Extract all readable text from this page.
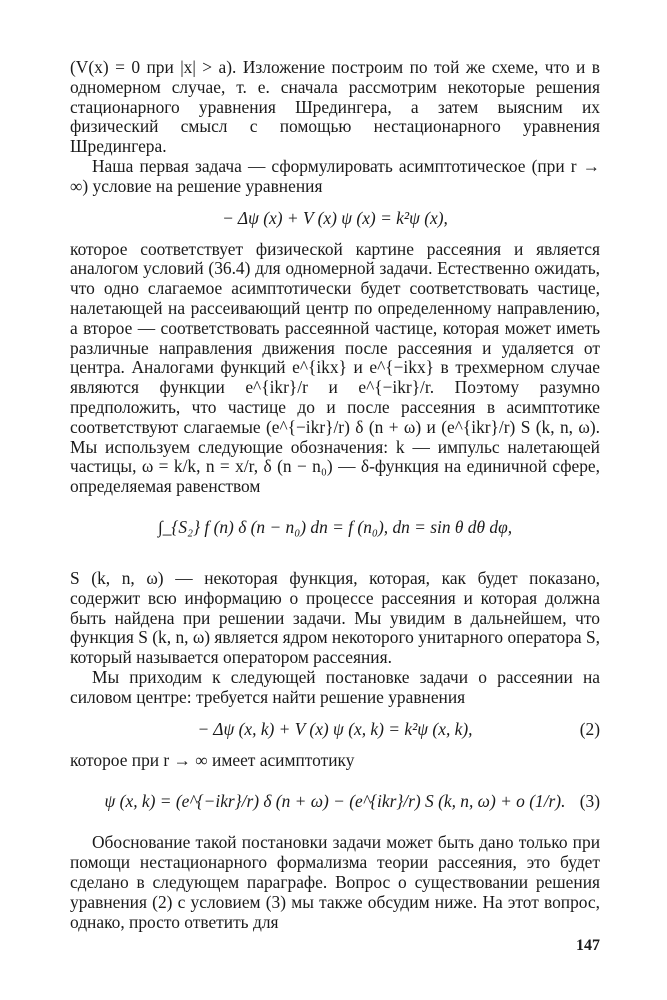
(V(x) = 0 при |x| > a). Изложение построим по той же схеме, что и в одномерном случае, т. е. сначала рассмотрим некоторые решения стационарного уравнения Шредингера, а затем выясним их физический смысл с помощью нестационарного уравнения Шредингера.

Наша первая задача — сформулировать асимптотическое (при r → ∞) условие на решение уравнения

− Δψ (x) + V (x) ψ (x) = k²ψ (x),

которое соответствует физической картине рассеяния и является аналогом условий (36.4) для одномерной задачи. Естественно ожидать, что одно слагаемое асимптотически будет соответствовать частице, налетающей на рассеивающий центр по определенному направлению, а второе — соответствовать рассеянной частице, которая может иметь различные направления движения после рассеяния и удаляется от центра. Аналогами функций e^{ikx} и e^{−ikx} в трехмерном случае являются функции e^{ikr}/r и e^{−ikr}/r. Поэтому разумно предположить, что частице до и после рассеяния в асимптотике соответствуют слагаемые (e^{−ikr}/r) δ (n + ω) и (e^{ikr}/r) S (k, n, ω). Мы используем следующие обозначения: k — импульс налетающей частицы, ω = k/k, n = x/r, δ (n − n₀) — δ-функция на единичной сфере, определяемая равенством

∫_{S₂} f (n) δ (n − n₀) dn = f (n₀), dn = sin θ dθ dφ,

S (k, n, ω) — некоторая функция, которая, как будет показано, содержит всю информацию о процессе рассеяния и которая должна быть найдена при решении задачи. Мы увидим в дальнейшем, что функция S (k, n, ω) является ядром некоторого унитарного оператора S, который называется оператором рассеяния.

Мы приходим к следующей постановке задачи о рассеянии на силовом центре: требуется найти решение уравнения

− Δψ (x, k) + V (x) ψ (x, k) = k²ψ (x, k),	(2)

которое при r → ∞ имеет асимптотику

ψ (x, k) = (e^{−ikr}/r) δ (n + ω) − (e^{ikr}/r) S (k, n, ω) + o (1/r). (3)

Обоснование такой постановки задачи может быть дано только при помощи нестационарного формализма теории рассеяния, это будет сделано в следующем параграфе. Вопрос о существовании решения уравнения (2) с условием (3) мы также обсудим ниже. На этот вопрос, однако, просто ответить для

147
